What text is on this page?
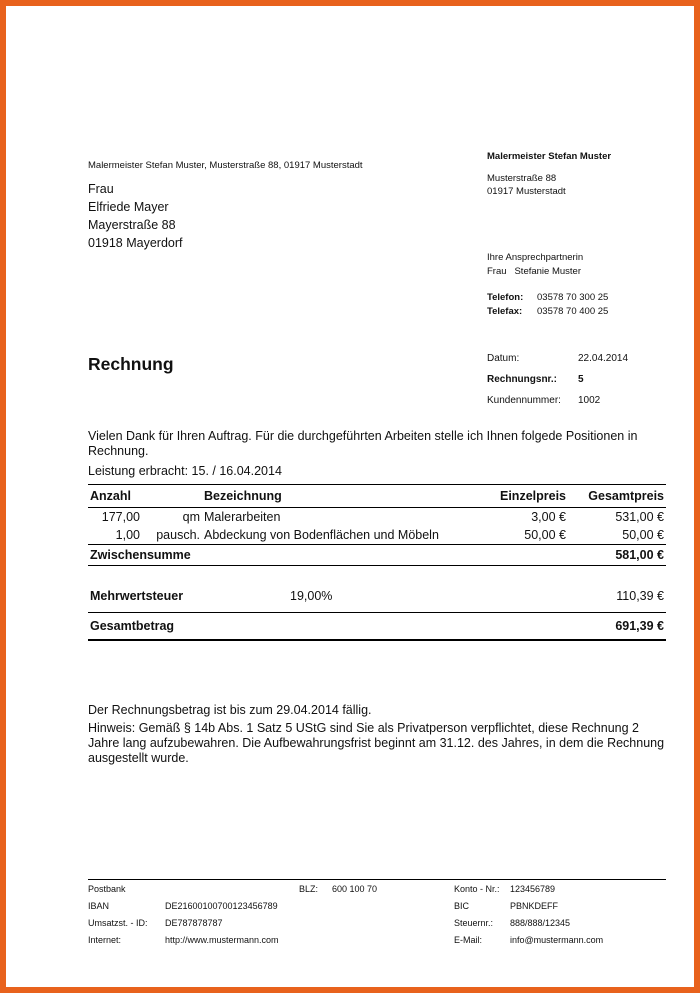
Malermeister Stefan Muster, Musterstraße 88, 01917 Musterstadt
Frau
Elfriede Mayer
Mayerstraße 88
01918 Mayerdorf
Malermeister Stefan Muster
Musterstraße 88
01917 Musterstadt
Ihre Ansprechpartnerin
Frau Stefanie Muster
Telefon:	03578 70 300 25
Telefax:	03578 70 400 25
Rechnung	Datum:	22.04.2014
Rechnungsnr.:	5
Kundennummer:	1002
Vielen Dank für Ihren Auftrag. Für die durchgeführten Arbeiten stelle ich Ihnen folgede Positionen in Rechnung.
Leistung erbracht: 15. / 16.04.2014
Anzahl		Bezeichnung	Einzelpreis	Gesamtpreis
177,00	qm	Malerarbeiten	3,00 €	531,00 €
1,00	pausch.	Abdeckung von Bodenflächen und Möbeln	50,00 €	50,00 €
Zwischensumme	581,00 €

Mehrwertsteuer	19,00%	110,39 €
Gesamtbetrag	691,39 €
Der Rechnungsbetrag ist bis zum 29.04.2014 fällig.
Hinweis: Gemäß § 14b Abs. 1 Satz 5 UStG sind Sie als Privatperson verpflichtet, diese Rechnung 2 Jahre lang aufzubewahren. Die Aufbewahrungsfrist beginnt am 31.12. des Jahres, in dem die Rechnung ausgestellt wurde.
Postbank	BLZ:	600 100 70	Konto - Nr.:	123456789
IBAN	DE21600100700123456789	BIC	PBNKDEFF
Umsatzst. - ID:	DE787878787	Steuernr.:	888/888/12345
Internet:	http://www.mustermann.com	E-Mail:	info@mustermann.com
